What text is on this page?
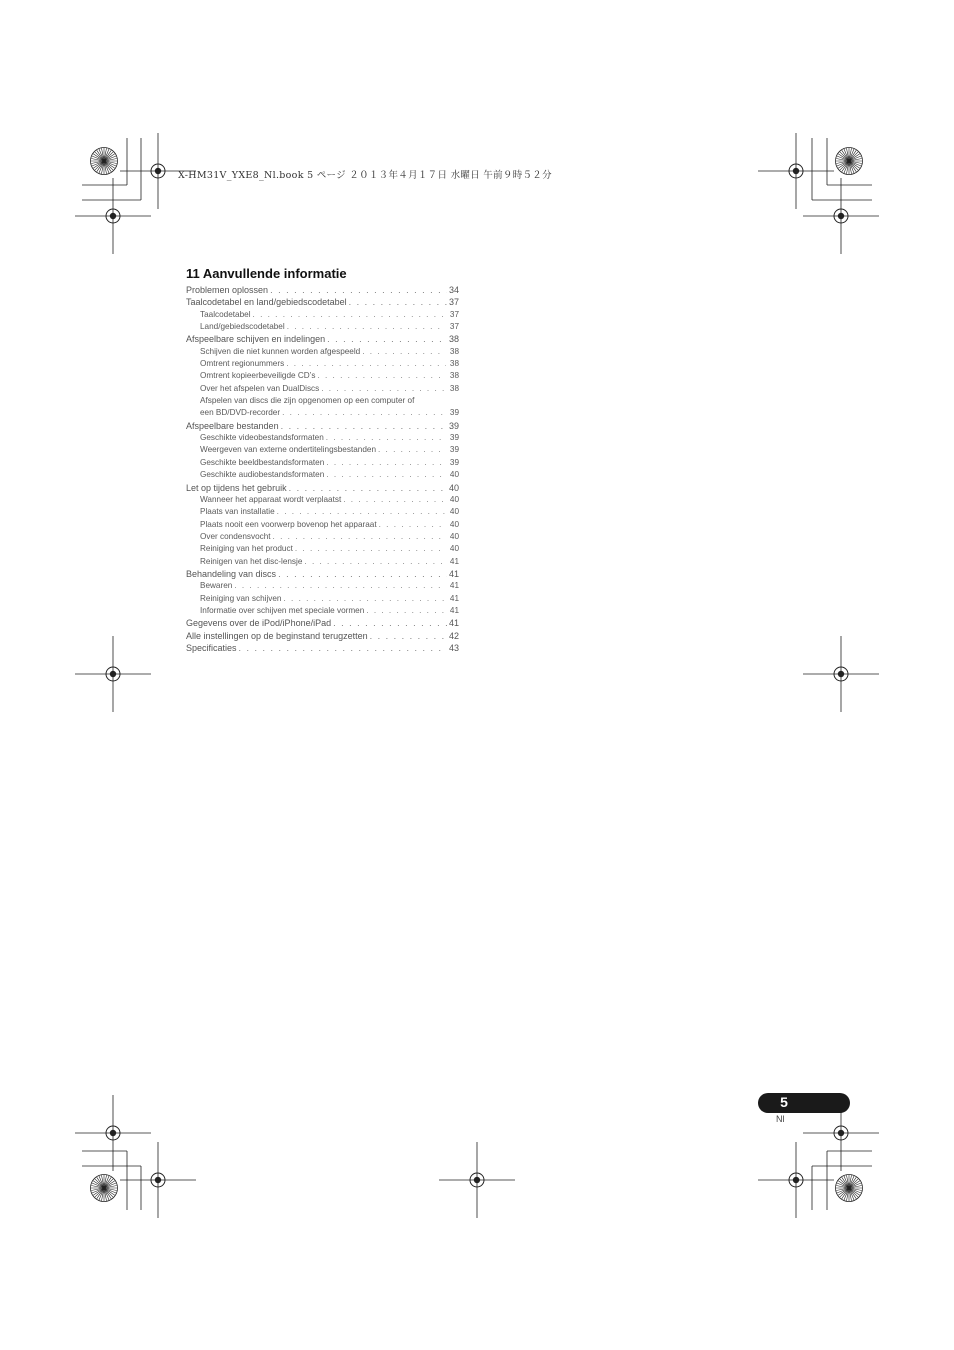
X-HM31V_YXE8_Nl.book 5 ページ ２０１３年４月１７日 水曜日 午前９時５２分
11 Aanvullende informatie
Problemen oplossen . . .	34
Taalcodetabel en land/gebiedscodetabel . . .	37
Taalcodetabel . . .	37
Land/gebiedscodetabel . . .	37
Afspeelbare schijven en indelingen . . .	38
Schijven die niet kunnen worden afgespeeld . . .	38
Omtrent regionummers . . .	38
Omtrent kopieerbeveiligde CD’s . . .	38
Over het afspelen van DualDiscs . . .	38
Afspelen van discs die zijn opgenomen op een computer of
een BD/DVD-recorder . . .	39
Afspeelbare bestanden . . .	39
Geschikte videobestandsformaten . . .	39
Weergeven van externe ondertitelingsbestanden . . .	39
Geschikte beeldbestandsformaten . . .	39
Geschikte audiobestandsformaten . . .	40
Let op tijdens het gebruik . . .	40
Wanneer het apparaat wordt verplaatst . . .	40
Plaats van installatie . . .	40
Plaats nooit een voorwerp bovenop het apparaat . . .	40
Over condensvocht . . .	40
Reiniging van het product . . .	40
Reinigen van het disc-lensje . . .	41
Behandeling van discs . . .	41
Bewaren . . .	41
Reiniging van schijven . . .	41
Informatie over schijven met speciale vormen . . .	41
Gegevens over de iPod/iPhone/iPad . . .	41
Alle instellingen op de beginstand terugzetten . . .	42
Specificaties . . .	43
5
Nl
